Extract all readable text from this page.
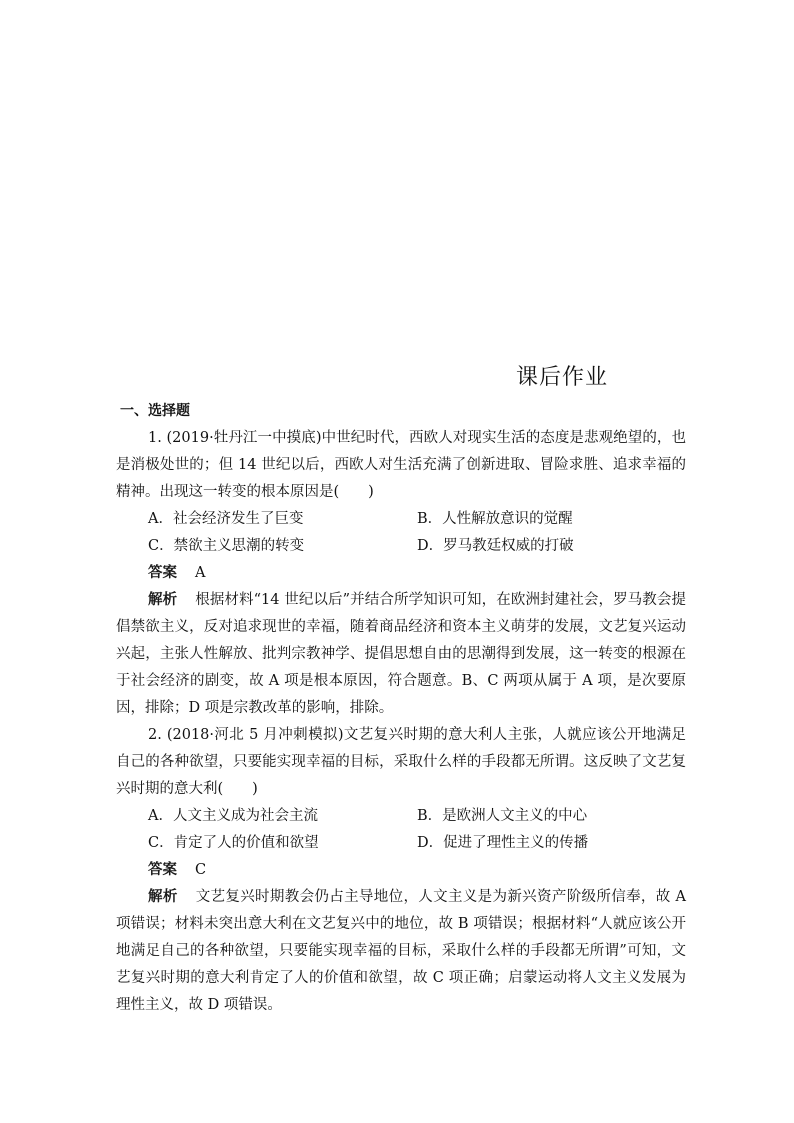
课后作业
一、选择题

1. (2019·牡丹江一中摸底)中世纪时代，西欧人对现实生活的态度是悲观绝望的，也是消极处世的；但 14 世纪以后，西欧人对生活充满了创新进取、冒险求胜、追求幸福的精神。出现这一转变的根本原因是(　　)

A．社会经济发生了巨变	B．人性解放意识的觉醒
C．禁欲主义思潮的转变	D．罗马教廷权威的打破
答案 A

解析 根据材料“14 世纪以后”并结合所学知识可知，在欧洲封建社会，罗马教会提倡禁欲主义，反对追求现世的幸福，随着商品经济和资本主义萌芽的发展，文艺复兴运动兴起，主张人性解放、批判宗教神学、提倡思想自由的思潮得到发展，这一转变的根源在于社会经济的剧变，故 A 项是根本原因，符合题意。B、C 两项从属于 A 项，是次要原因，排除；D 项是宗教改革的影响，排除。

2. (2018·河北 5 月冲刺模拟)文艺复兴时期的意大利人主张，人就应该公开地满足自己的各种欲望，只要能实现幸福的目标，采取什么样的手段都无所谓。这反映了文艺复兴时期的意大利(　　)

A．人文主义成为社会主流	B．是欧洲人文主义的中心
C．肯定了人的价值和欲望	D．促进了理性主义的传播
答案 C

解析 文艺复兴时期教会仍占主导地位，人文主义是为新兴资产阶级所信奉，故 A 项错误；材料未突出意大利在文艺复兴中的地位，故 B 项错误；根据材料“人就应该公开地满足自己的各种欲望，只要能实现幸福的目标，采取什么样的手段都无所谓”可知，文艺复兴时期的意大利肯定了人的价值和欲望，故 C 项正确；启蒙运动将人文主义发展为理性主义，故 D 项错误。
